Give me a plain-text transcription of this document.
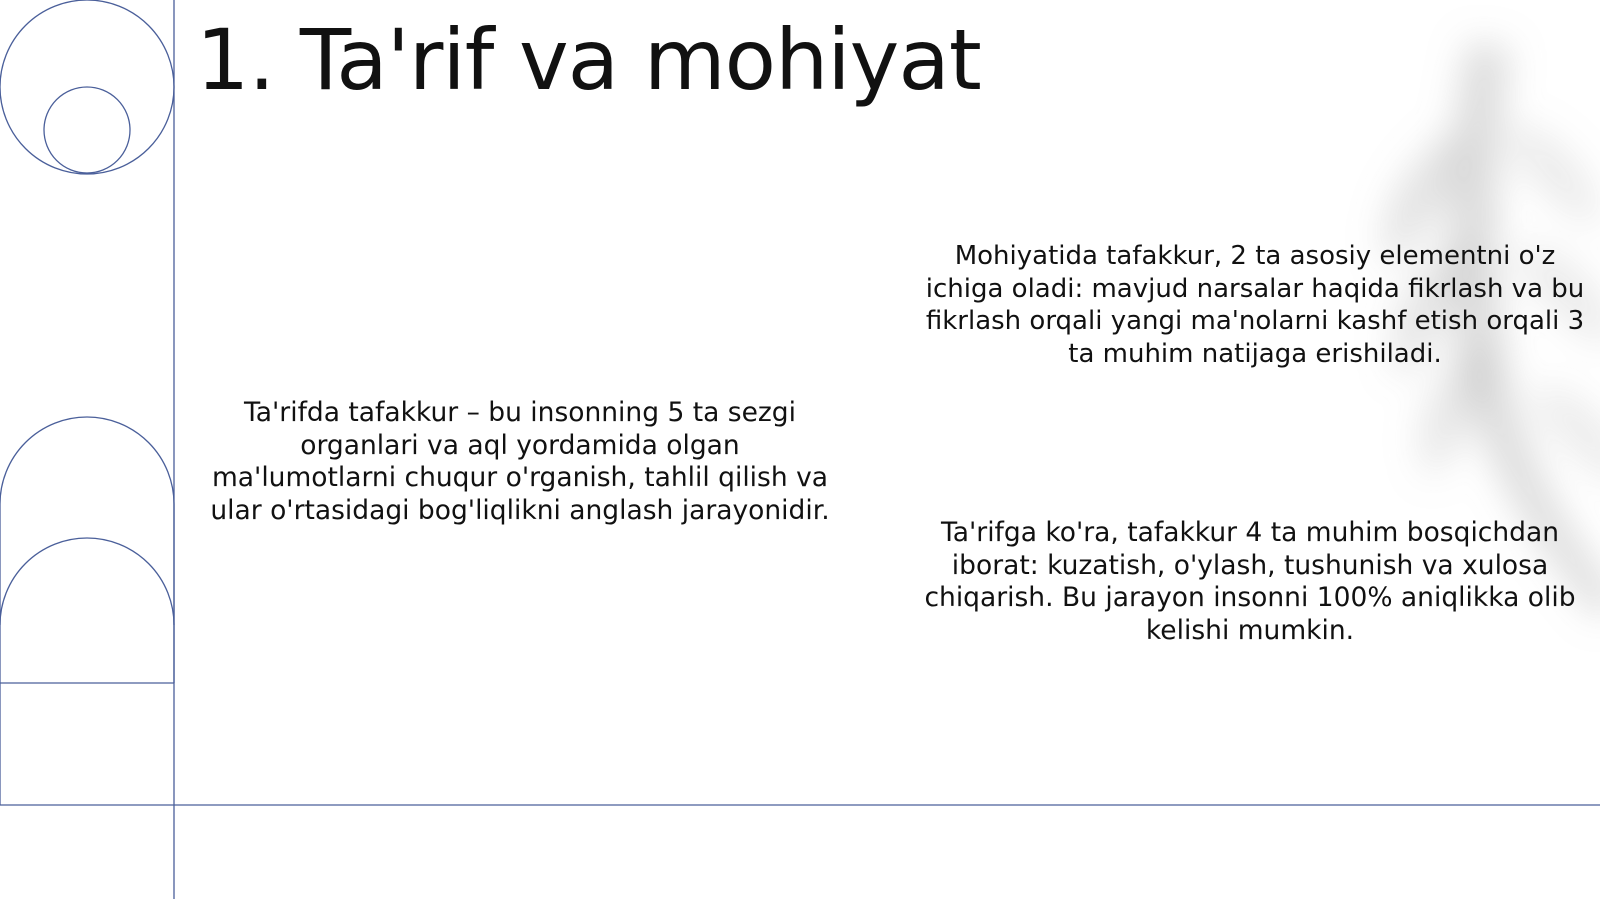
1. Ta'rif va mohiyat

Ta'rifda tafakkur – bu insonning 5 ta sezgi organlari va aql yordamida olgan ma'lumotlarni chuqur o'rganish, tahlil qilish va ular o'rtasidagi bog'liqlikni anglash jarayonidir.

Mohiyatida tafakkur, 2 ta asosiy elementni o'z ichiga oladi: mavjud narsalar haqida fikrlash va bu fikrlash orqali yangi ma'nolarni kashf etish orqali 3 ta muhim natijaga erishiladi.

Ta'rifga ko'ra, tafakkur 4 ta muhim bosqichdan iborat: kuzatish, o'ylash, tushunish va xulosa chiqarish. Bu jarayon insonni 100% aniqlikka olib kelishi mumkin.
